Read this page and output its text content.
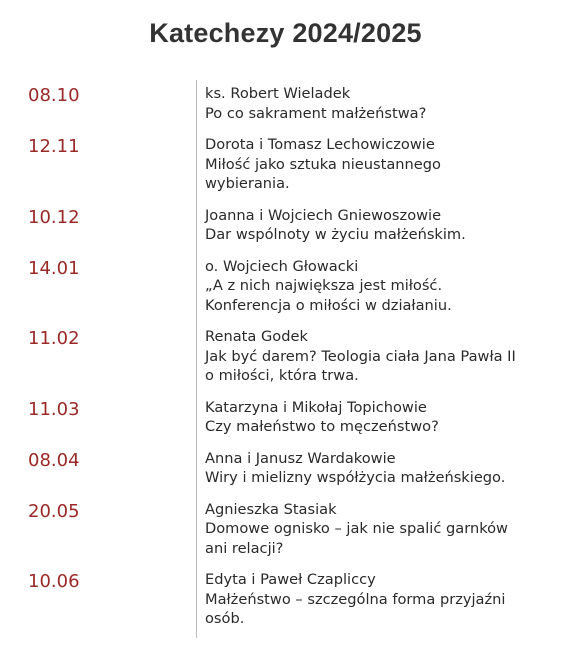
Katechezy 2024/2025
08.10	ks. Robert Wieladek
Po co sakrament małżeństwa?
12.11	Dorota i Tomasz Lechowiczowie
Miłość jako sztuka nieustannego
wybierania.
10.12	Joanna i Wojciech Gniewoszowie
Dar wspólnoty w życiu małżeńskim.
14.01	o. Wojciech Głowacki
„A z nich największa jest miłość.
Konferencja o miłości w działaniu.
11.02	Renata Godek
Jak być darem? Teologia ciała Jana Pawła II
o miłości, która trwa.
11.03	Katarzyna i Mikołaj Topichowie
Czy małeństwo to męczeństwo?
08.04	Anna i Janusz Wardakowie
Wiry i mielizny współżycia małżeńskiego.
20.05	Agnieszka Stasiak
Domowe ognisko – jak nie spalić garnków
ani relacji?
10.06	Edyta i Paweł Czapliccy
Małżeństwo – szczególna forma przyjaźni
osób.
